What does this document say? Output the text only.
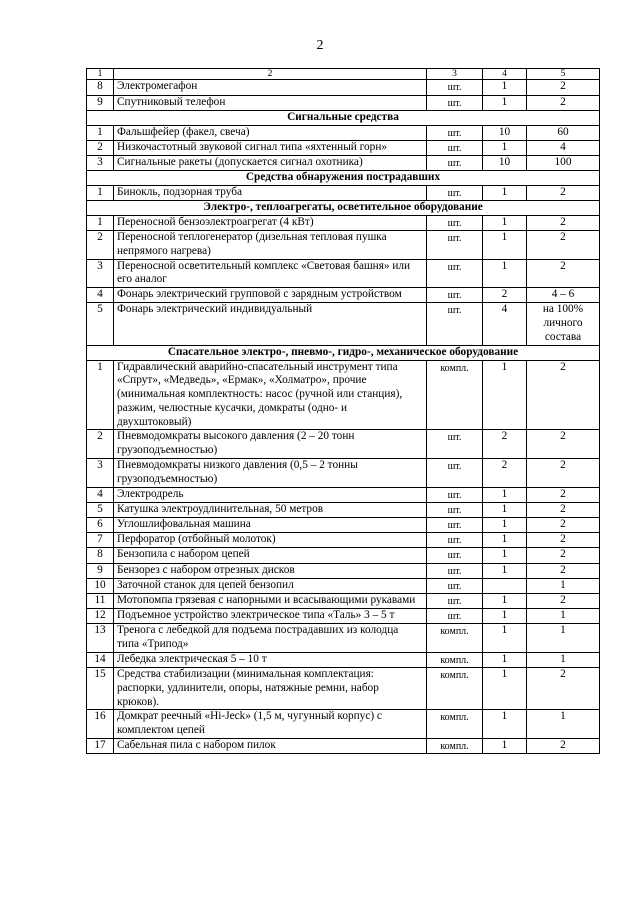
2
1	2	3	4	5
8	Электромегафон	шт.	1	2
9	Спутниковый телефон	шт.	1	2
Сигнальные средства				
1	Фальшфейер (факел, свеча)	шт.	10	60
2	Низкочастотный звуковой сигнал типа «яхтенный горн»	шт.	1	4
3	Сигнальные ракеты (допускается сигнал охотника)	шт.	10	100
Средства обнаружения пострадавших				
1	Бинокль, подзорная труба	шт.	1	2
Электро-, теплоагрегаты, осветительное оборудование				
1	Переносной бензоэлектроагрегат (4 кВт)	шт.	1	2
2	Переносной теплогенератор (дизельная тепловая пушка непрямого нагрева)	шт.	1	2
3	Переносной осветительный комплекс «Световая башня» или его аналог	шт.	1	2
4	Фонарь электрический групповой с зарядным устройством	шт.	2	4 – 6
5	Фонарь электрический индивидуальный	шт.	4	на 100% личного состава
Спасательное электро-, пневмо-, гидро-, механическое оборудование				
1	Гидравлический аварийно-спасательный инструмент типа «Спрут», «Медведь», «Ермак», «Холматро», прочие (минимальная комплектность: насос (ручной или станция), разжим, челюстные кусачки, домкраты (одно- и двухштоковый)	компл.	1	2
2	Пневмодомкраты высокого давления (2 – 20 тонн грузоподъемностью)	шт.	2	2
3	Пневмодомкраты низкого давления (0,5 – 2 тонны грузоподъемностью)	шт.	2	2
4	Электродрель	шт.	1	2
5	Катушка электроудлинительная, 50 метров	шт.	1	2
6	Углошлифовальная машина	шт.	1	2
7	Перфоратор (отбойный молоток)	шт.	1	2
8	Бензопила с набором цепей	шт.	1	2
9	Бензорез с набором отрезных дисков	шт.	1	2
10	Заточной станок для цепей бензопил	шт.		1
11	Мотопомпа грязевая с напорными и всасывающими рукавами	шт.	1	2
12	Подъемное устройство электрическое типа «Таль» 3 – 5 т	шт.	1	1
13	Тренога с лебедкой для подъема пострадавших из колодца типа «Трипод»	компл.	1	1
14	Лебедка электрическая 5 – 10 т	компл.	1	1
15	Средства стабилизации (минимальная комплектация: распорки, удлинители, опоры, натяжные ремни, набор крюков).	компл.	1	2
16	Домкрат реечный «Hi-Jeck» (1,5 м, чугунный корпус) с комплектом цепей	компл.	1	1
17	Сабельная пила с набором пилок	компл.	1	2
